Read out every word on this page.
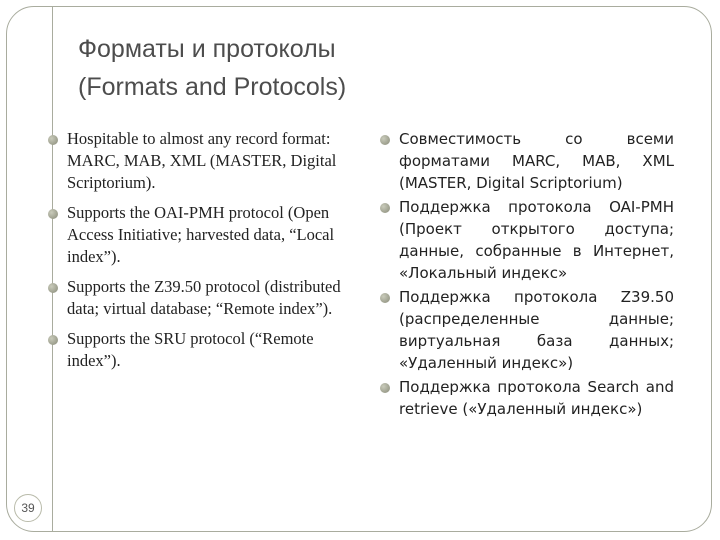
Форматы и протоколы
(Formats and Protocols)
Hospitable to almost any record format: MARC, MAB, XML (MASTER, Digital Scriptorium).
Supports the OAI-PMH protocol (Open Access Initiative; harvested data, “Local index”).
Supports the Z39.50 protocol (distributed data; virtual database; “Remote index”).
Supports the SRU protocol (“Remote index”).
Совместимость со всеми форматами MARC, MAB, XML (MASTER, Digital Scriptorium)
Поддержка протокола OAI-PMH (Проект открытого доступа; данные, собранные в Интернет, «Локальный индекс»
Поддержка протокола Z39.50 (распределенные данные; виртуальная база данных; «Удаленный индекс»)
Поддержка протокола Search and retrieve («Удаленный индекс»)
39
